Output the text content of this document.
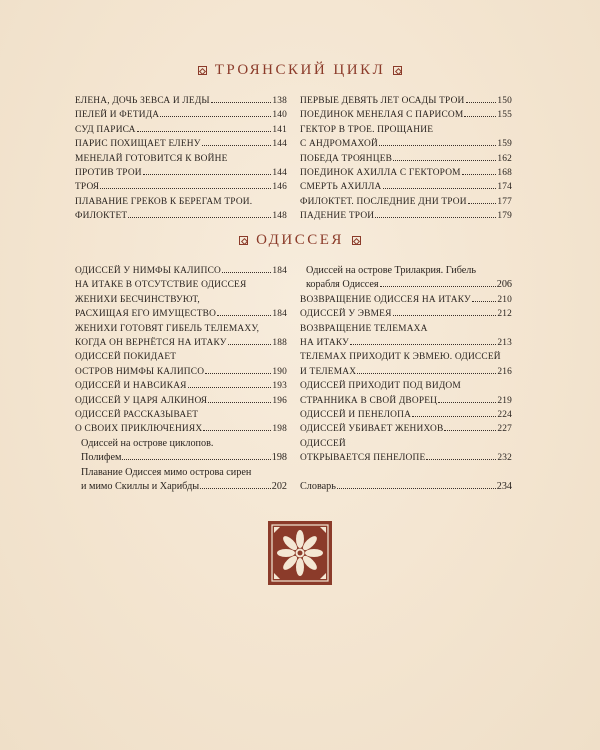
ТРОЯНСКИЙ ЦИКЛ
ЕЛЕНА, ДОЧЬ ЗЕВСА И ЛЕДЫ	138
ПЕЛЕЙ И ФЕТИДА	140
СУД ПАРИСА	141
ПАРИС ПОХИЩАЕТ ЕЛЕНУ	144
МЕНЕЛАЙ ГОТОВИТСЯ К ВОЙНЕ
ПРОТИВ ТРОИ	144
ТРОЯ	146
ПЛАВАНИЕ ГРЕКОВ К БЕРЕГАМ ТРОИ.
ФИЛОКТЕТ	148
ПЕРВЫЕ ДЕВЯТЬ ЛЕТ ОСАДЫ ТРОИ	150
ПОЕДИНОК МЕНЕЛАЯ С ПАРИСОМ	155
ГЕКТОР В ТРОЕ. ПРОЩАНИЕ
С АНДРОМАХОЙ	159
ПОБЕДА ТРОЯНЦЕВ	162
ПОЕДИНОК АХИЛЛА С ГЕКТОРОМ	168
СМЕРТЬ АХИЛЛА	174
ФИЛОКТЕТ. ПОСЛЕДНИЕ ДНИ ТРОИ	177
ПАДЕНИЕ ТРОИ	179
ОДИССЕЯ
ОДИССЕЙ У НИМФЫ КАЛИПСО	184
НА ИТАКЕ В ОТСУТСТВИЕ ОДИССЕЯ
ЖЕНИХИ БЕСЧИНСТВУЮТ,
РАСХИЩАЯ ЕГО ИМУЩЕСТВО	184
ЖЕНИХИ ГОТОВЯТ ГИБЕЛЬ ТЕЛЕМАХУ,
КОГДА ОН ВЕРНЁТСЯ НА ИТАКУ	188
ОДИССЕЙ ПОКИДАЕТ
ОСТРОВ НИМФЫ КАЛИПСО	190
ОДИССЕЙ И НАВСИКАЯ	193
ОДИССЕЙ У ЦАРЯ АЛКИНОЯ	196
ОДИССЕЙ РАССКАЗЫВАЕТ
О СВОИХ ПРИКЛЮЧЕНИЯХ	198
Одиссей на острове циклопов.
Полифем	198
Плавание Одиссея мимо острова сирен
и мимо Скиллы и Харибды	202
Одиссей на острове Трилакрия. Гибель
корабля Одиссея	206
ВОЗВРАЩЕНИЕ ОДИССЕЯ НА ИТАКУ	210
ОДИССЕЙ У ЭВМЕЯ	212
ВОЗВРАЩЕНИЕ ТЕЛЕМАХА
НА ИТАКУ	213
ТЕЛЕМАХ ПРИХОДИТ К ЭВМЕЮ. ОДИССЕЙ
И ТЕЛЕМАХ	216
ОДИССЕЙ ПРИХОДИТ ПОД ВИДОМ
СТРАННИКА В СВОЙ ДВОРЕЦ	219
ОДИССЕЙ И ПЕНЕЛОПА	224
ОДИССЕЙ УБИВАЕТ ЖЕНИХОВ	227
ОДИССЕЙ
ОТКРЫВАЕТСЯ ПЕНЕЛОПЕ	232
Словарь	234
